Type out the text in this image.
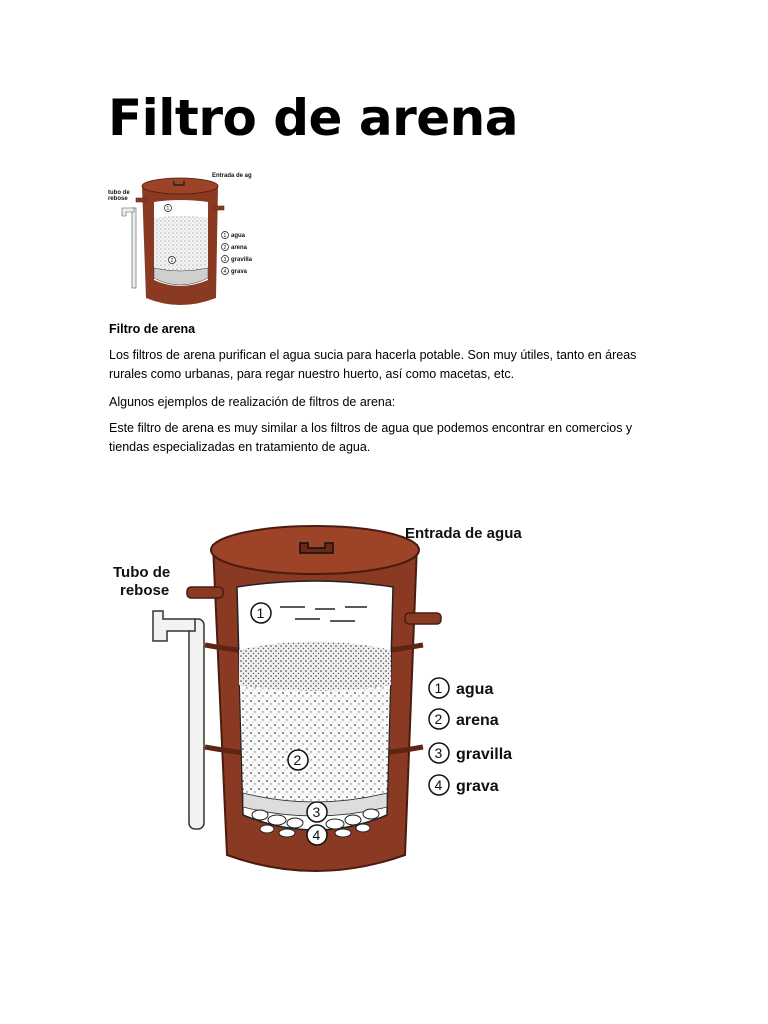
Filtro de arena
1
2
Entrada de ag
tubo de
rebose
1 agua
2 arena
3 gravilla
4 grava

Filtro de arena

Los filtros de arena purifican el agua sucia para hacerla potable. Son muy útiles, tanto en áreas rurales como urbanas, para regar nuestro huerto, así como macetas, etc.

Algunos ejemplos de realización de filtros de arena:

Este filtro de arena es muy similar a los filtros de agua que podemos encontrar en comercios y tiendas especializadas en tratamiento de agua.

1
2
3
4
Entrada de agua
Tubo de
rebose
1 agua
2 arena
3 gravilla
4 grava
